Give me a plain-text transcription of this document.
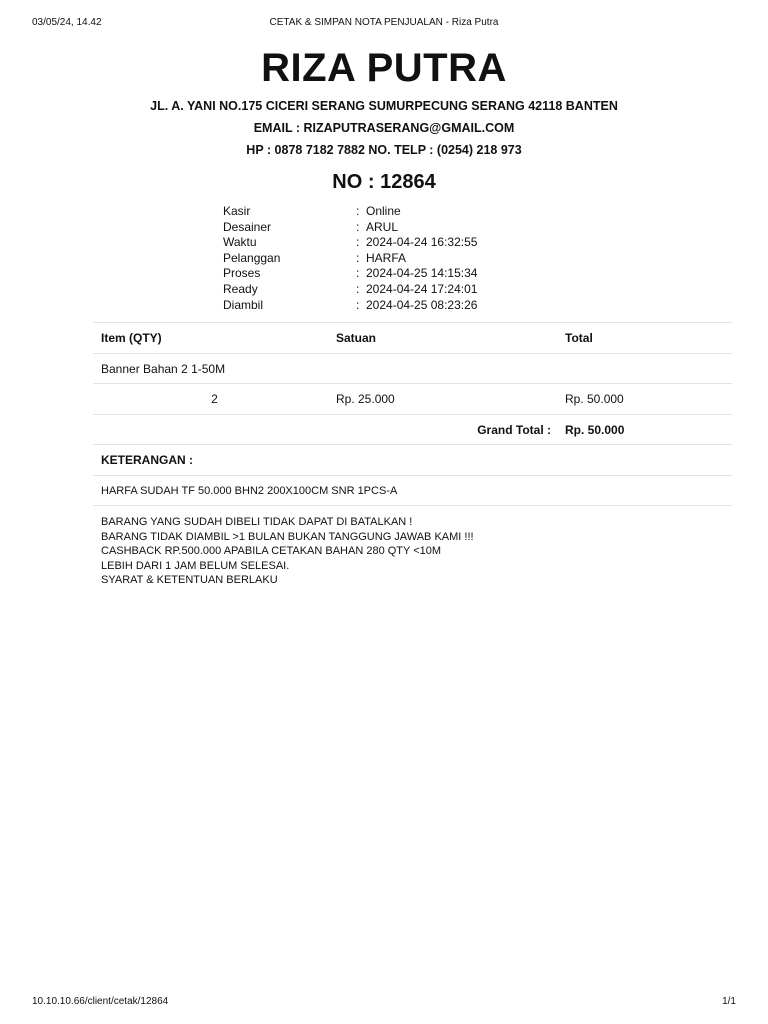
03/05/24, 14.42	CETAK & SIMPAN NOTA PENJUALAN - Riza Putra
RIZA PUTRA
JL. A. YANI NO.175 CICERI SERANG SUMURPECUNG SERANG 42118 BANTEN
EMAIL : RIZAPUTRASERANG@GMAIL.COM
HP : 0878 7182 7882 NO. TELP : (0254) 218 973
NO : 12864
Kasir	: Online
Desainer	: ARUL
Waktu	: 2024-04-24 16:32:55
Pelanggan	: HARFA
Proses	: 2024-04-25 14:15:34
Ready	: 2024-04-24 17:24:01
Diambil	: 2024-04-25 08:23:26
Item (QTY)	Satuan	Total
Banner Bahan 2 1-50M
2	Rp. 25.000	Rp. 50.000
Grand Total : Rp. 50.000
KETERANGAN :
HARFA SUDAH TF 50.000 BHN2 200X100CM SNR 1PCS-A
BARANG YANG SUDAH DIBELI TIDAK DAPAT DI BATALKAN !
BARANG TIDAK DIAMBIL >1 BULAN BUKAN TANGGUNG JAWAB KAMI !!!
CASHBACK RP.500.000 APABILA CETAKAN BAHAN 280 QTY <10M
LEBIH DARI 1 JAM BELUM SELESAI.
SYARAT & KETENTUAN BERLAKU
10.10.10.66/client/cetak/12864	1/1
